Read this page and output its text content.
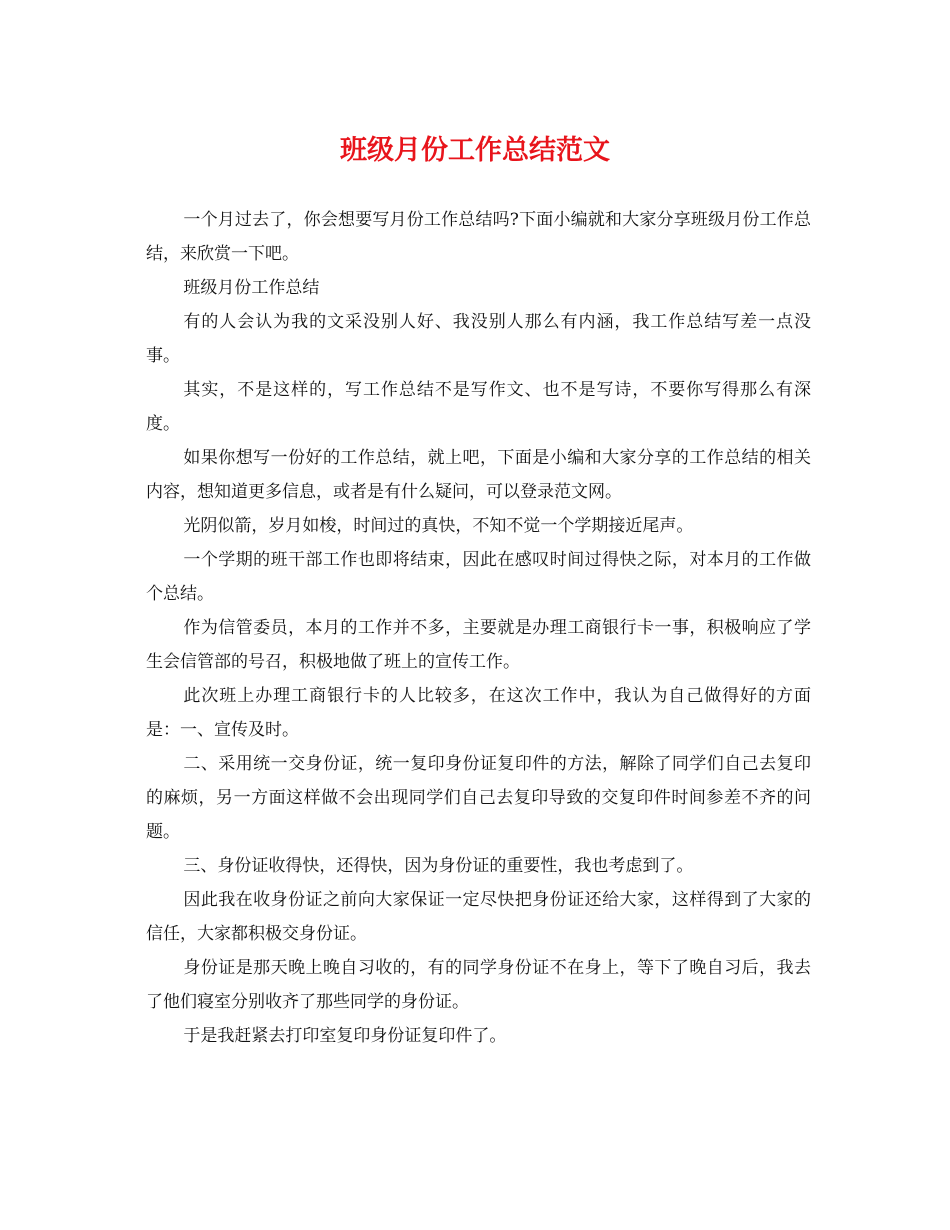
班级月份工作总结范文

一个月过去了，你会想要写月份工作总结吗?下面小编就和大家分享班级月份工作总结，来欣赏一下吧。

班级月份工作总结

有的人会认为我的文采没别人好、我没别人那么有内涵，我工作总结写差一点没事。

其实，不是这样的，写工作总结不是写作文、也不是写诗，不要你写得那么有深度。

如果你想写一份好的工作总结，就上吧，下面是小编和大家分享的工作总结的相关内容，想知道更多信息，或者是有什么疑问，可以登录范文网。

光阴似箭，岁月如梭，时间过的真快，不知不觉一个学期接近尾声。

一个学期的班干部工作也即将结束，因此在感叹时间过得快之际，对本月的工作做个总结。

作为信管委员，本月的工作并不多，主要就是办理工商银行卡一事，积极响应了学生会信管部的号召，积极地做了班上的宣传工作。

此次班上办理工商银行卡的人比较多，在这次工作中，我认为自己做得好的方面是：一、宣传及时。

二、采用统一交身份证，统一复印身份证复印件的方法，解除了同学们自己去复印的麻烦，另一方面这样做不会出现同学们自己去复印导致的交复印件时间参差不齐的问题。

三、身份证收得快，还得快，因为身份证的重要性，我也考虑到了。

因此我在收身份证之前向大家保证一定尽快把身份证还给大家，这样得到了大家的信任，大家都积极交身份证。

身份证是那天晚上晚自习收的，有的同学身份证不在身上，等下了晚自习后，我去了他们寝室分别收齐了那些同学的身份证。

于是我赶紧去打印室复印身份证复印件了。
